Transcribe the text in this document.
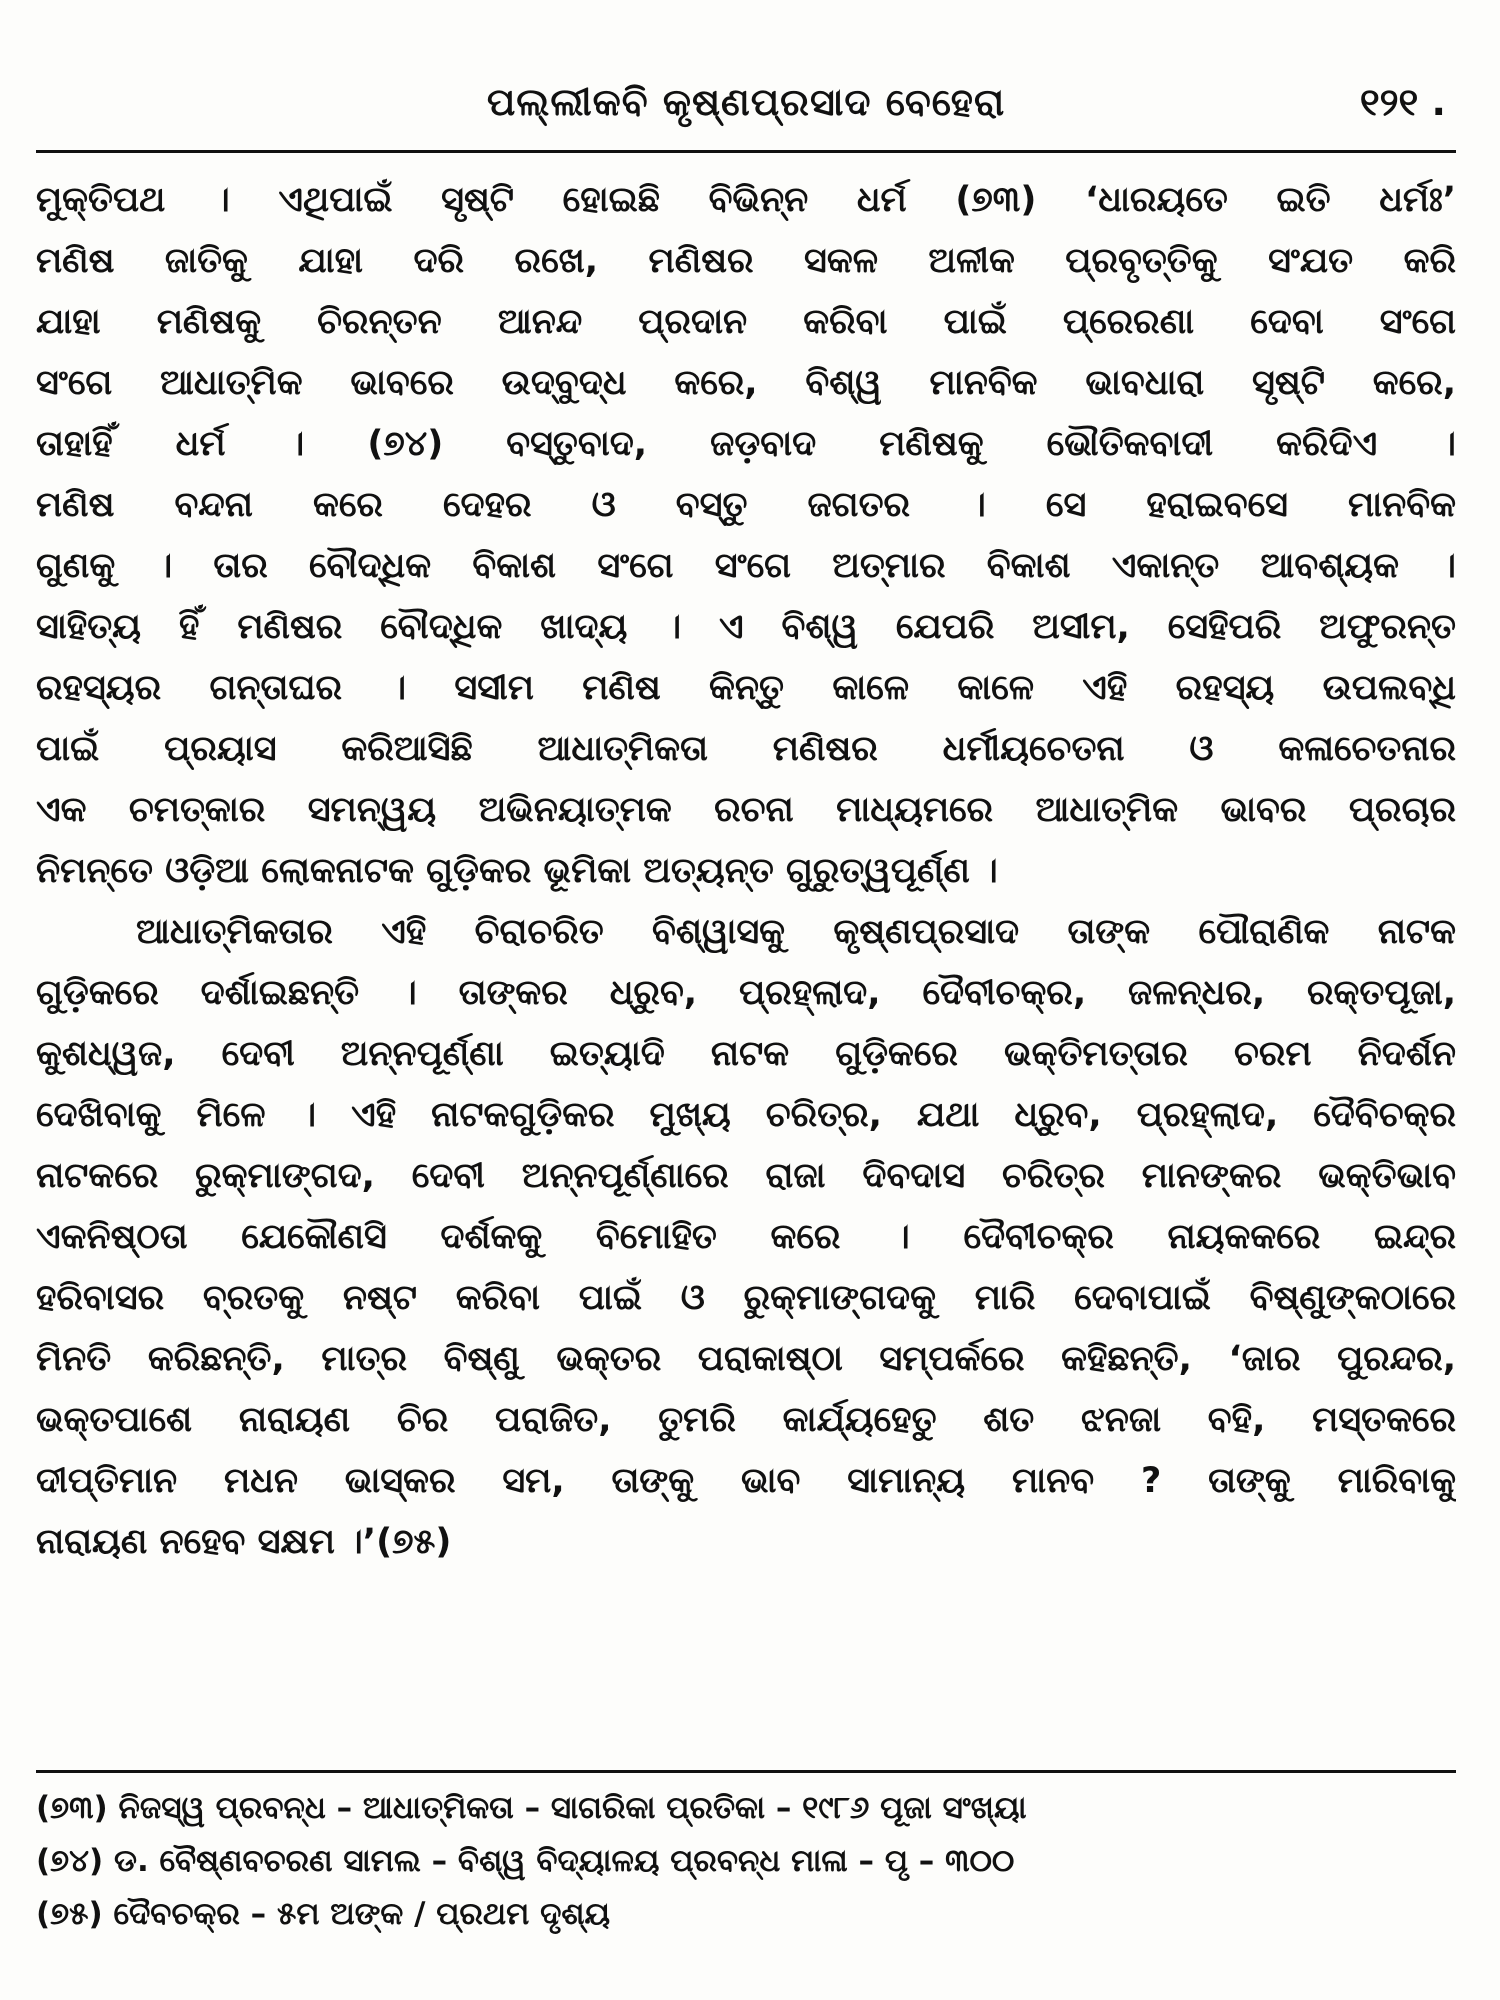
ପଲ୍ଲୀକବି କୃଷ୍ଣପ୍ରସାଦ ବେହେରା	୧୨୧ .
ମୁକ୍ତିପଥ । ଏଥିପାଇଁ ସୃଷ୍ଟି ହୋଇଛି ବିଭିନ୍ନ ଧର୍ମ (୭୩) ‘ଧାରୟତେ ଇତି ଧର୍ମଃ’
ମଣିଷ ଜାତିକୁ ଯାହା ଦରି ରଖେ, ମଣିଷର ସକଳ ଅଳୀକ ପ୍ରବୃତ୍ତିକୁ ସଂଯତ କରି
ଯାହା ମଣିଷକୁ ଚିରନ୍ତନ ଆନନ୍ଦ ପ୍ରଦାନ କରିବା ପାଇଁ ପ୍ରେରଣା ଦେବା ସଂଗେ
ସଂଗେ ଆଧାତ୍ମିକ ଭାବରେ ଉଦ୍‌ବୁଦ୍ଧ କରେ, ବିଶ୍ୱ ମାନବିକ ଭାବଧାରା ସୃଷ୍ଟି କରେ,
ତାହାହିଁ ଧର୍ମ । (୭୪) ବସ୍ତୁବାଦ, ଜଡ଼ବାଦ ମଣିଷକୁ ଭୌତିକବାଦୀ କରିଦିଏ ।
ମଣିଷ ବନ୍ଦନା କରେ ଦେହର ଓ ବସ୍ତୁ ଜଗତର । ସେ ହରାଇବସେ ମାନବିକ
ଗୁଣକୁ । ତାର ବୌଦ୍ଧିକ ବିକାଶ ସଂଗେ ସଂଗେ ଅତ୍ମାର ବିକାଶ ଏକାନ୍ତ ଆବଶ୍ୟକ ।
ସାହିତ୍ୟ ହିଁ ମଣିଷର ବୌଦ୍ଧିକ ଖାଦ୍ୟ । ଏ ବିଶ୍ୱ ଯେପରି ଅସୀମ, ସେହିପରି ଅଫୁରନ୍ତ
ରହସ୍ୟର ଗନ୍ତାଘର । ସସୀମ ମଣିଷ କିନ୍ତୁ କାଳେ କାଳେ ଏହି ରହସ୍ୟ ଉପଲବ୍ଧି
ପାଇଁ ପ୍ରୟାସ କରିଆସିଛି ଆଧାତ୍ମିକତା ମଣିଷର ଧର୍ମୀୟଚେତନା ଓ କଳାଚେତନାର
ଏକ ଚମତ୍କାର ସମନ୍ୱୟ ଅଭିନୟାତ୍ମକ ରଚନା ମାଧ୍ୟମରେ ଆଧାତ୍ମିକ ଭାବର ପ୍ରଚାର
ନିମନ୍ତେ ଓଡ଼ିଆ ଲୋକନାଟକ ଗୁଡ଼ିକର ଭୂମିକା ଅତ୍ୟନ୍ତ ଗୁରୁତ୍ୱପୂର୍ଣ୍ଣ ।
ଆଧାତ୍ମିକତାର ଏହି ଚିରାଚରିତ ବିଶ୍ୱାସକୁ କୃଷ୍ଣପ୍ରସାଦ ତାଙ୍କ ପୌରାଣିକ ନାଟକ
ଗୁଡ଼ିକରେ ଦର୍ଶାଇଛନ୍ତି । ତାଙ୍କର ଧ୍ରୁବ, ପ୍ରହ୍ଲାଦ, ଦୈବୀଚକ୍ର, ଜଳନ୍ଧର, ରକ୍ତପୂଜା,
କୁଶଧ୍ୱଜ, ଦେବୀ ଅନ୍ନପୂର୍ଣ୍ଣା ଇତ୍ୟାଦି ନାଟକ ଗୁଡ଼ିକରେ ଭକ୍ତିମତ୍ତାର ଚରମ ନିଦର୍ଶନ
ଦେଖିବାକୁ ମିଳେ । ଏହି ନାଟକଗୁଡ଼ିକର ମୁଖ୍ୟ ଚରିତ୍ର, ଯଥା ଧ୍ରୁବ, ପ୍ରହ୍ଲାଦ, ଦୈବିଚକ୍ର
ନାଟକରେ ରୁକ୍ମାଙ୍ଗଦ, ଦେବୀ ଅନ୍ନପୂର୍ଣ୍ଣାରେ ରାଜା ଦିବଦାସ ଚରିତ୍ର ମାନଙ୍କର ଭକ୍ତିଭାବ
ଏକନିଷ୍ଠତା ଯେକୌଣସି ଦର୍ଶକକୁ ବିମୋହିତ କରେ । ଦୈବୀଚକ୍ର ନାୟକକରେ ଇନ୍ଦ୍ର
ହରିବାସର ବ୍ରତକୁ ନଷ୍ଟ କରିବା ପାଇଁ ଓ ରୁକ୍ମାଙ୍ଗଦକୁ ମାରି ଦେବାପାଇଁ ବିଷ୍ଣୁଙ୍କଠାରେ
ମିନତି କରିଛନ୍ତି, ମାତ୍ର ବିଷ୍ଣୁ ଭକ୍ତର ପରାକାଷ୍ଠା ସମ୍ପର୍କରେ କହିଛନ୍ତି, ‘ଜାର ପୁରନ୍ଦର,
ଭକ୍ତପାଶେ ନାରାୟଣ ଚିର ପରାଜିତ, ତୁମରି କାର୍ଯ୍ୟହେତୁ ଶତ ଝନଜା ବହି, ମସ୍ତକରେ
ଦୀପ୍ତିମାନ ମଧନ ଭାସ୍କର ସମ, ତାଙ୍କୁ ଭାବ ସାମାନ୍ୟ ମାନବ ? ତାଙ୍କୁ ମାରିବାକୁ
ନାରାୟଣ ନହେବ ସକ୍ଷମ ।’(୭୫)
(୭୩) ନିଜସ୍ୱ ପ୍ରବନ୍ଧ – ଆଧାତ୍ମିକତା – ସାଗରିକା ପ୍ରତିକା – ୧୯୮୬ ପୂଜା ସଂଖ୍ୟା
(୭୪) ଡ. ବୈଷ୍ଣବଚରଣ ସାମଲ – ବିଶ୍ୱ ବିଦ୍ୟାଳୟ ପ୍ରବନ୍ଧ ମାଳା – ପୃ – ୩୦୦
(୭୫) ଦୈବଚକ୍ର – ୫ମ ଅଙ୍କ / ପ୍ରଥମ ଦୃଶ୍ୟ
